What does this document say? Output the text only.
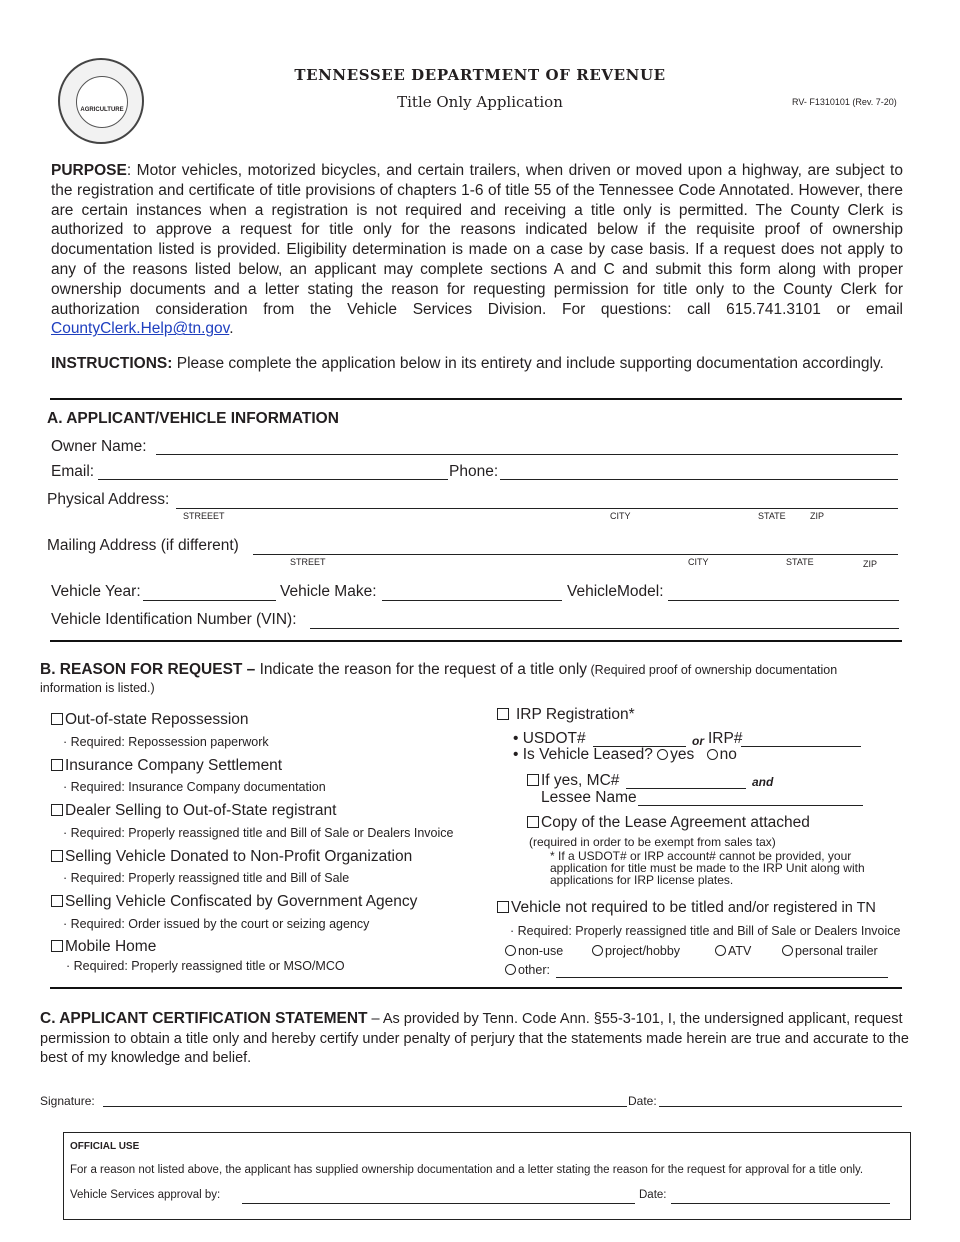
AGRICULTURE
TENNESSEE DEPARTMENT OF REVENUE
Title Only Application	RV- F1310101 (Rev. 7-20)
PURPOSE: Motor vehicles, motorized bicycles, and certain trailers, when driven or moved upon a highway, are subject to the registration and certificate of title provisions of chapters 1-6 of title 55 of the Tennessee Code Annotated. However, there are certain instances when a registration is not required and receiving a title only is permitted. The County Clerk is authorized to approve a request for title only for the reasons indicated below if the requisite proof of ownership documentation listed is provided. Eligibility determination is made on a case by case basis. If a request does not apply to any of the reasons listed below, an applicant may complete sections A and C and submit this form along with proper ownership documents and a letter stating the reason for requesting permission for title only to the County Clerk for authorization consideration from the Vehicle Services Division. For questions: call 615.741.3101 or email CountyClerk.Help@tn.gov.
INSTRUCTIONS: Please complete the application below in its entirety and include supporting documentation accordingly.
A. APPLICANT/VEHICLE INFORMATION
Owner Name:
Email:	Phone:
Physical Address:
STREEET	CITY	STATE	ZIP
Mailing Address (if different)
STREET	CITY	STATE	ZIP
Vehicle Year:	Vehicle Make:	VehicleModel:
Vehicle Identification Number (VIN):
B. REASON FOR REQUEST – Indicate the reason for the request of a title only (Required proof of ownership documentation
information is listed.)
Out-of-state Repossession
· Required: Repossession paperwork
Insurance Company Settlement
· Required: Insurance Company documentation
Dealer Selling to Out-of-State registrant
· Required: Properly reassigned title and Bill of Sale or Dealers Invoice
Selling Vehicle Donated to Non-Profit Organization
· Required: Properly reassigned title and Bill of Sale
Selling Vehicle Confiscated by Government Agency
· Required: Order issued by the court or seizing agency
Mobile Home
· Required: Properly reassigned title or MSO/MCO
IRP Registration*
• USDOT#	or IRP#
• Is Vehicle Leased? yes no
If yes, MC#	and
Lessee Name
Copy of the Lease Agreement attached
(required in order to be exempt from sales tax)
* If a USDOT# or IRP account# cannot be provided, your application for title must be made to the IRP Unit along with applications for IRP license plates.
Vehicle not required to be titled and/or registered in TN
· Required: Properly reassigned title and Bill of Sale or Dealers Invoice
non-use	project/hobby	ATV	personal trailer
other:
C. APPLICANT CERTIFICATION STATEMENT – As provided by Tenn. Code Ann. §55-3-101, I, the undersigned applicant, request permission to obtain a title only and hereby certify under penalty of perjury that the statements made herein are true and accurate to the best of my knowledge and belief.
Signature:	Date:
OFFICIAL USE
For a reason not listed above, the applicant has supplied ownership documentation and a letter stating the reason for the request for approval for a title only.
Vehicle Services approval by:	Date:
